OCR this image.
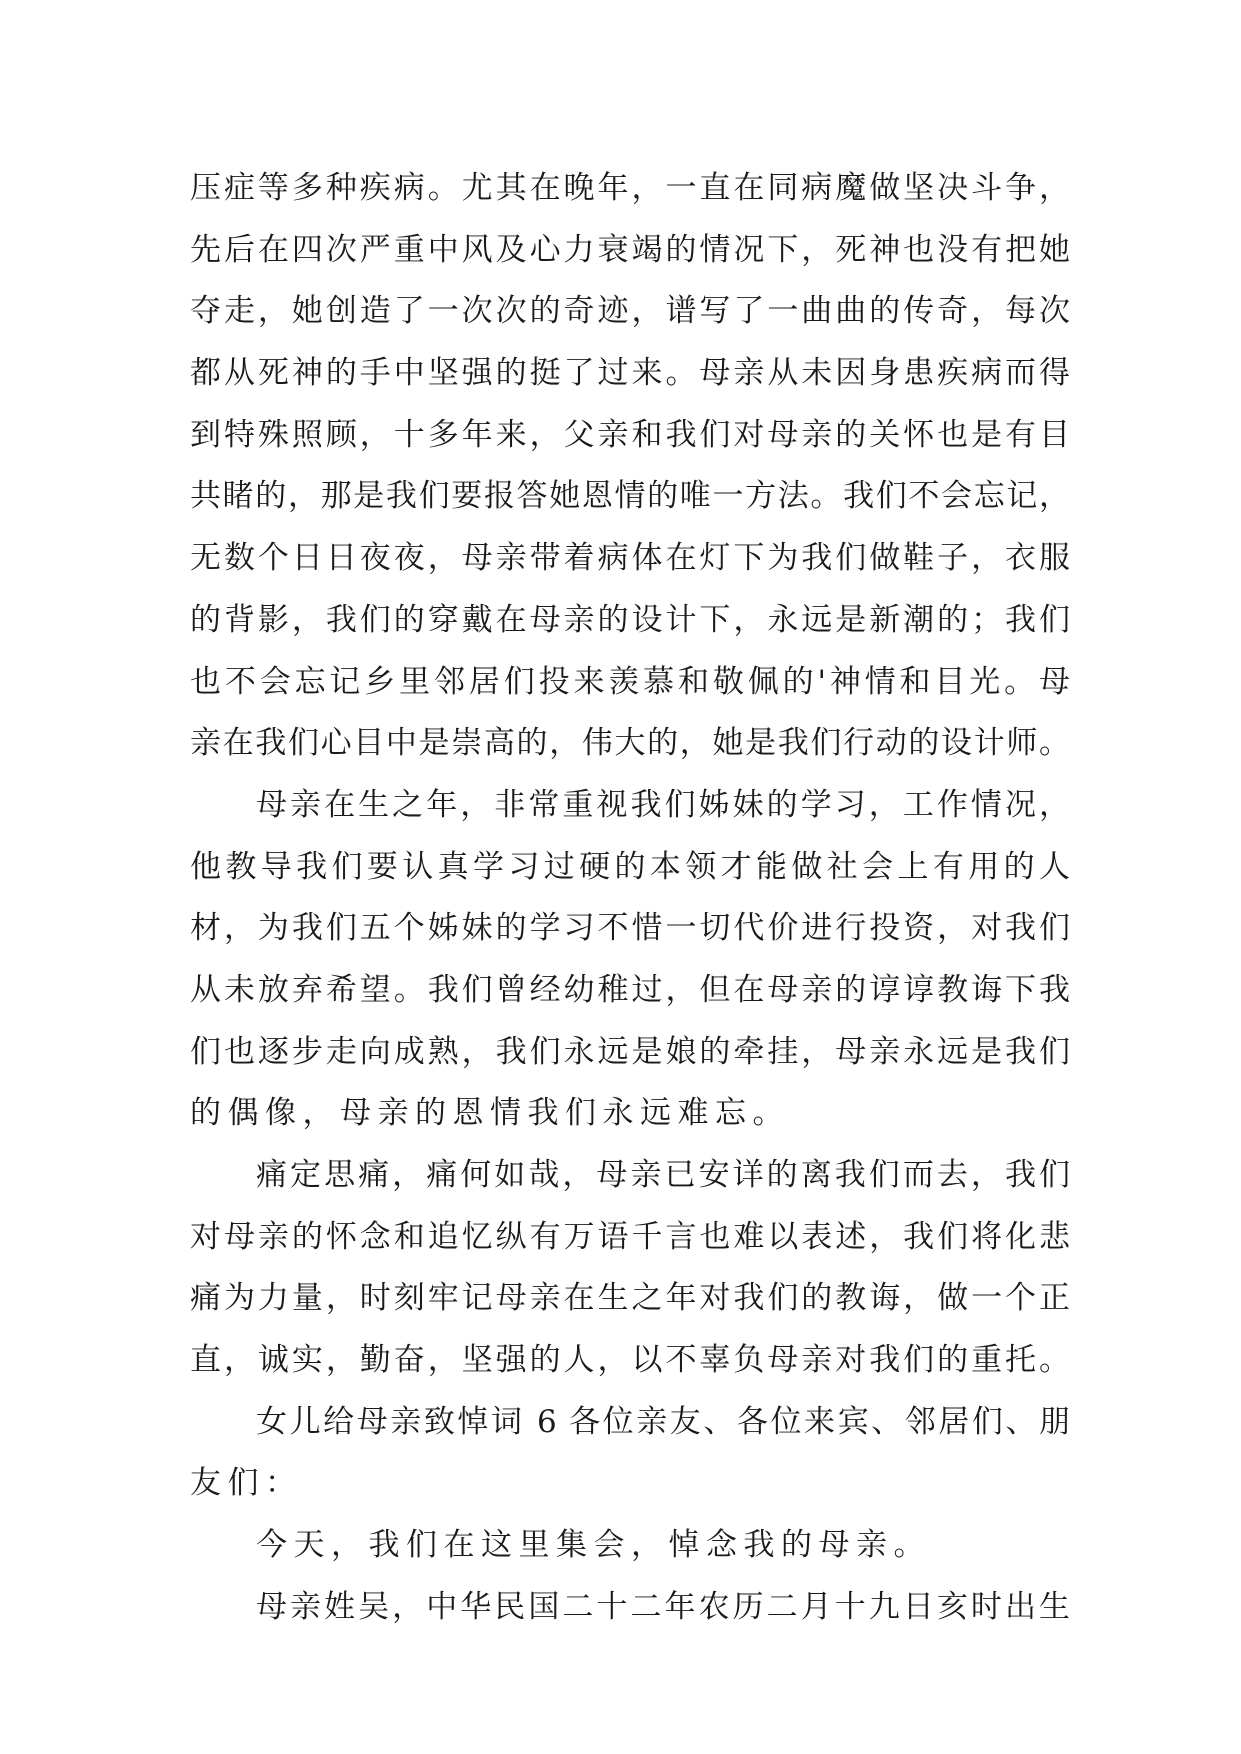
压症等多种疾病。尤其在晚年，一直在同病魔做坚决斗争，
先后在四次严重中风及心力衰竭的情况下，死神也没有把她
夺走，她创造了一次次的奇迹，谱写了一曲曲的传奇，每次
都从死神的手中坚强的挺了过来。母亲从未因身患疾病而得
到特殊照顾，十多年来，父亲和我们对母亲的关怀也是有目
共睹的，那是我们要报答她恩情的唯一方法。我们不会忘记，
无数个日日夜夜，母亲带着病体在灯下为我们做鞋子，衣服
的背影，我们的穿戴在母亲的设计下，永远是新潮的；我们
也不会忘记乡里邻居们投来羡慕和敬佩的'神情和目光。母
亲在我们心目中是崇高的，伟大的，她是我们行动的设计师。
母亲在生之年，非常重视我们姊妹的学习，工作情况，
他教导我们要认真学习过硬的本领才能做社会上有用的人
材，为我们五个姊妹的学习不惜一切代价进行投资，对我们
从未放弃希望。我们曾经幼稚过，但在母亲的谆谆教诲下我
们也逐步走向成熟，我们永远是娘的牵挂，母亲永远是我们
的偶像，母亲的恩情我们永远难忘。
痛定思痛，痛何如哉，母亲已安详的离我们而去，我们
对母亲的怀念和追忆纵有万语千言也难以表述，我们将化悲
痛为力量，时刻牢记母亲在生之年对我们的教诲，做一个正
直，诚实，勤奋，坚强的人，以不辜负母亲对我们的重托。
女儿给母亲致悼词 6 各位亲友、各位来宾、邻居们、朋
友们：
今天，我们在这里集会，悼念我的母亲。
母亲姓吴，中华民国二十二年农历二月十九日亥时出生
